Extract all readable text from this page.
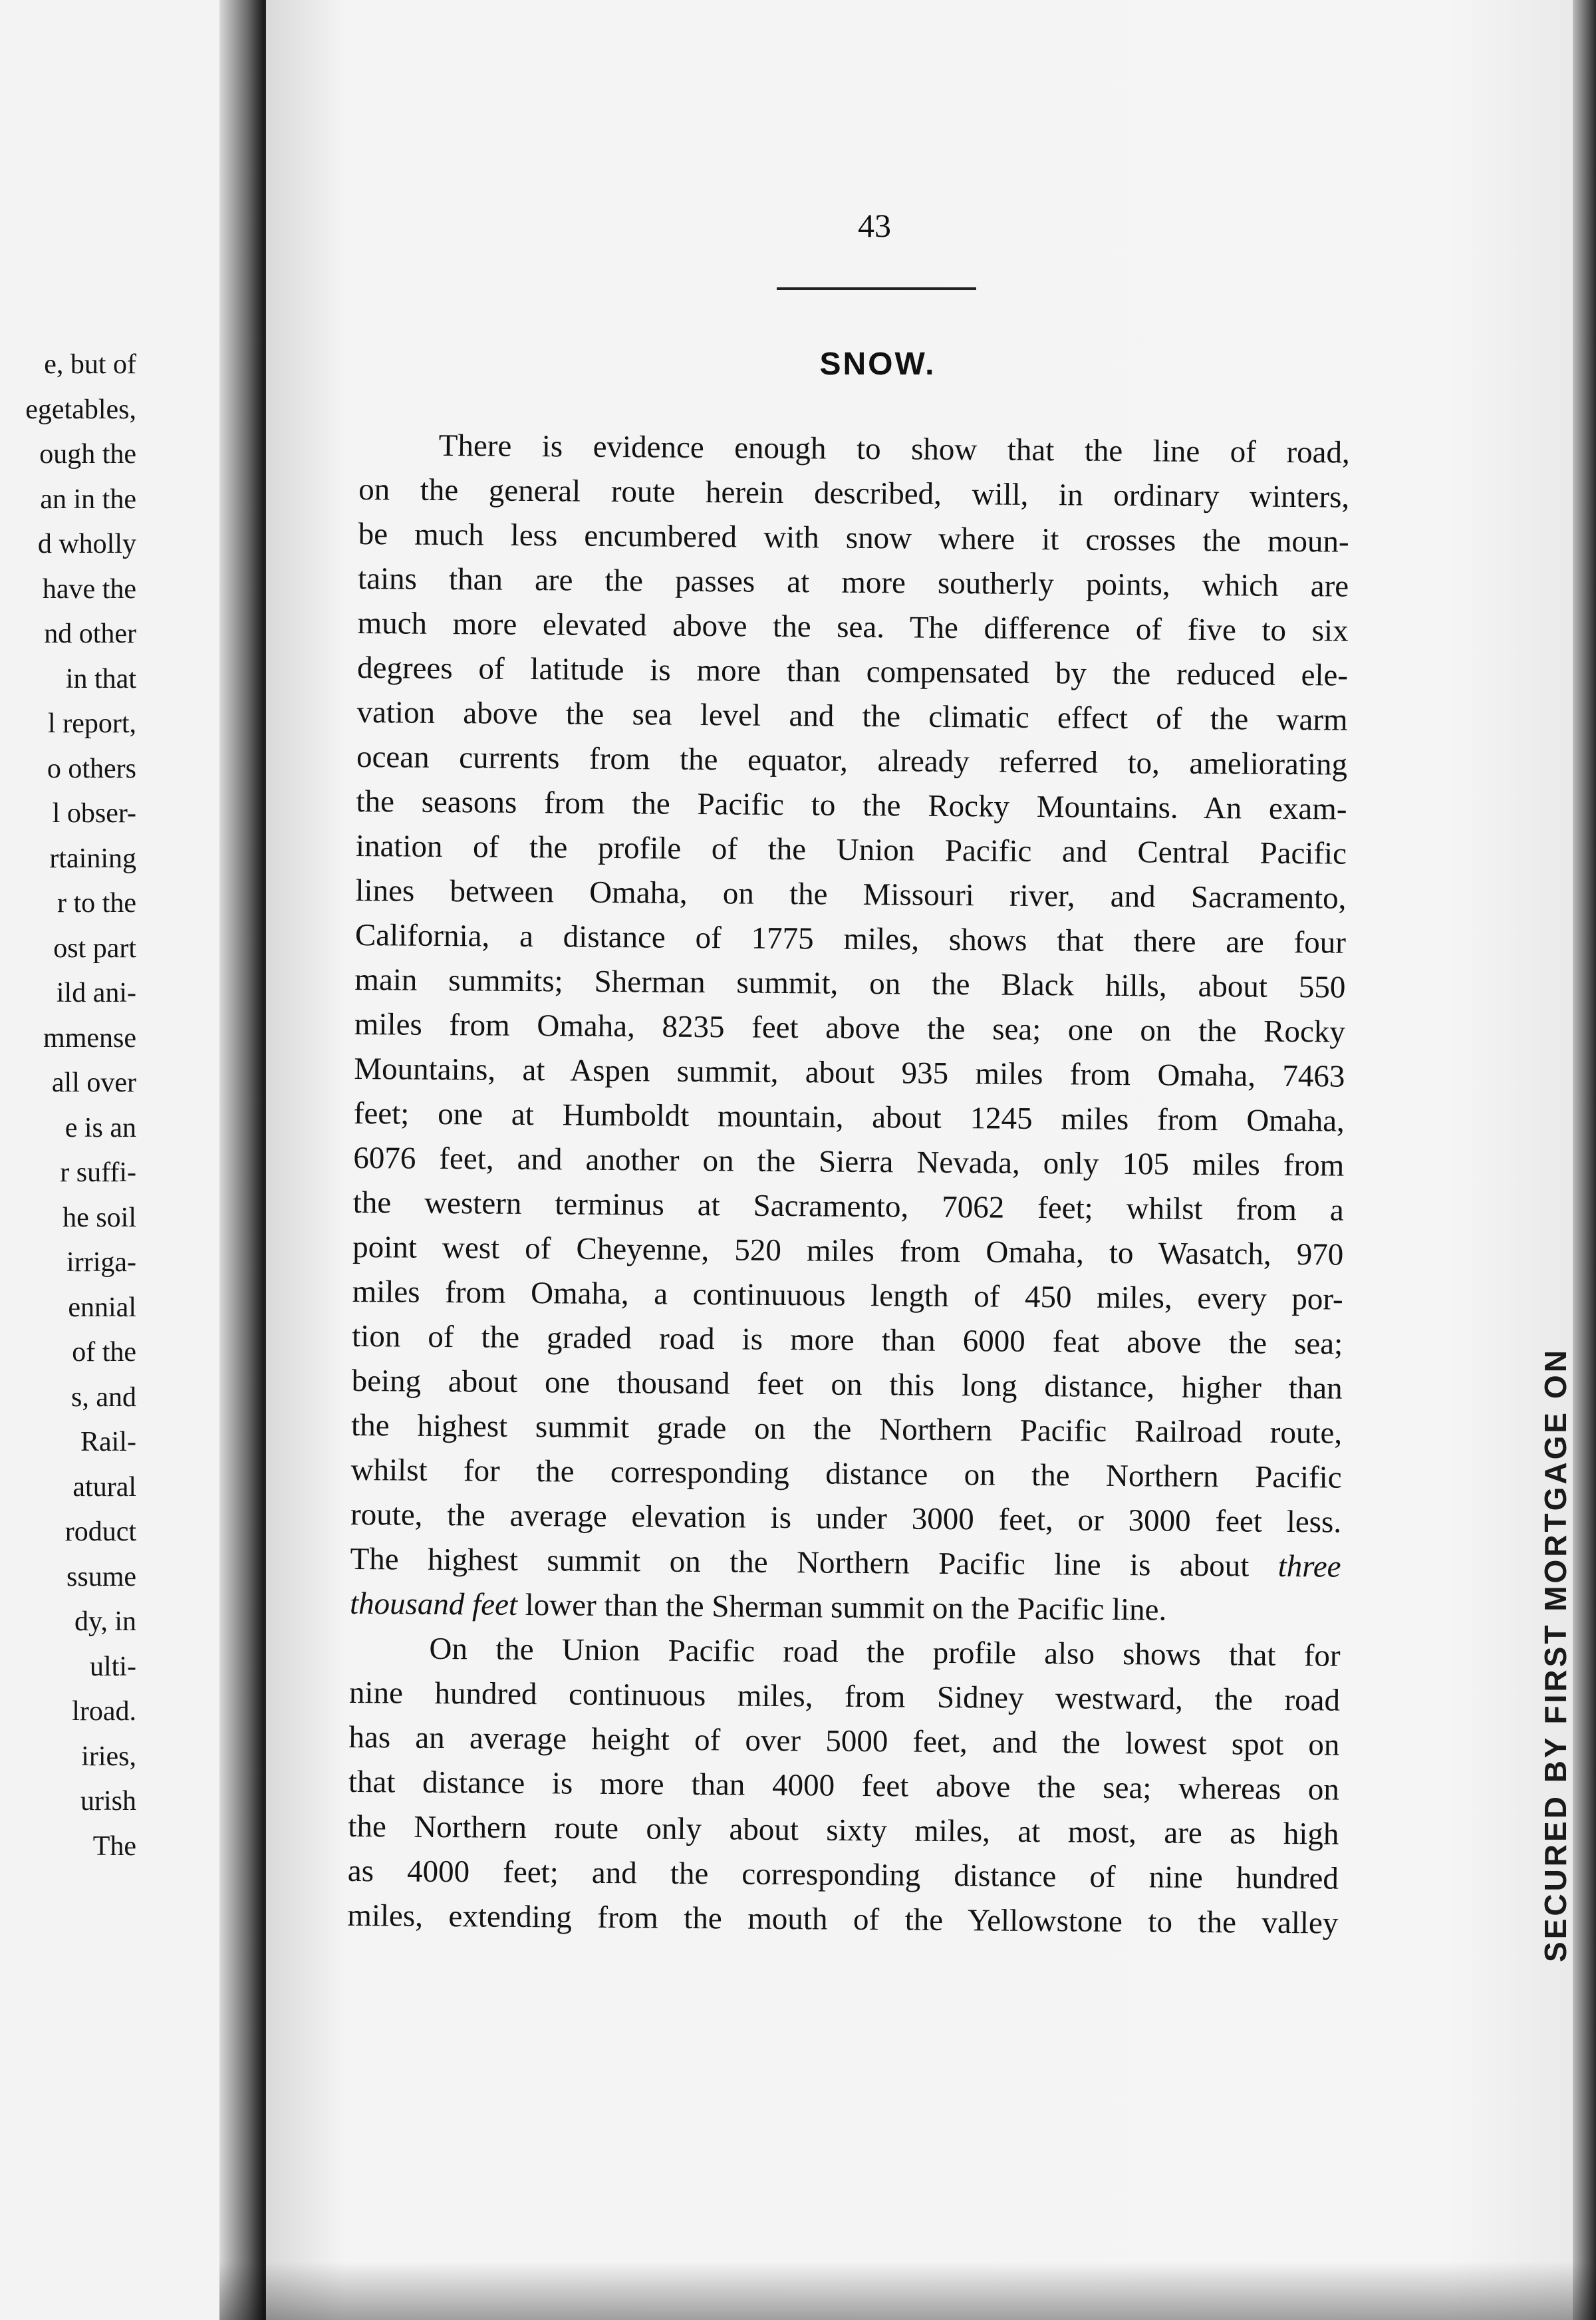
e, but of
egetables,
ough the
an in the
d wholly
have the
nd other
in that
l report,
o others
l obser-
rtaining
r to the
ost part
ild ani-
mmense
all over
e is an
r suffi-
he soil
irriga-
ennial
of the
s, and
Rail-
atural
roduct
ssume
dy, in
ulti-
lroad.
iries,
urish
The
43
SNOW.
There is evidence enough to show that the line of road,
on the general route herein described, will, in ordinary winters,
be much less encumbered with snow where it crosses the moun-
tains than are the passes at more southerly points, which are
much more elevated above the sea. The difference of five to six
degrees of latitude is more than compensated by the reduced ele-
vation above the sea level and the climatic effect of the warm
ocean currents from the equator, already referred to, ameliorating
the seasons from the Pacific to the Rocky Mountains. An exam-
ination of the profile of the Union Pacific and Central Pacific
lines between Omaha, on the Missouri river, and Sacramento,
California, a distance of 1775 miles, shows that there are four
main summits; Sherman summit, on the Black hills, about 550
miles from Omaha, 8235 feet above the sea; one on the Rocky
Mountains, at Aspen summit, about 935 miles from Omaha, 7463
feet; one at Humboldt mountain, about 1245 miles from Omaha,
6076 feet, and another on the Sierra Nevada, only 105 miles from
the western terminus at Sacramento, 7062 feet; whilst from a
point west of Cheyenne, 520 miles from Omaha, to Wasatch, 970
miles from Omaha, a continuuous length of 450 miles, every por-
tion of the graded road is more than 6000 feat above the sea;
being about one thousand feet on this long distance, higher than
the highest summit grade on the Northern Pacific Railroad route,
whilst for the corresponding distance on the Northern Pacific
route, the average elevation is under 3000 feet, or 3000 feet less.
The highest summit on the Northern Pacific line is about three
thousand feet lower than the Sherman summit on the Pacific line.
On the Union Pacific road the profile also shows that for
nine hundred continuous miles, from Sidney westward, the road
has an average height of over 5000 feet, and the lowest spot on
that distance is more than 4000 feet above the sea; whereas on
the Northern route only about sixty miles, at most, are as high
as 4000 feet; and the corresponding distance of nine hundred
miles, extending from the mouth of the Yellowstone to the valley	SECURED BY FIRST MORTGAGE ON
